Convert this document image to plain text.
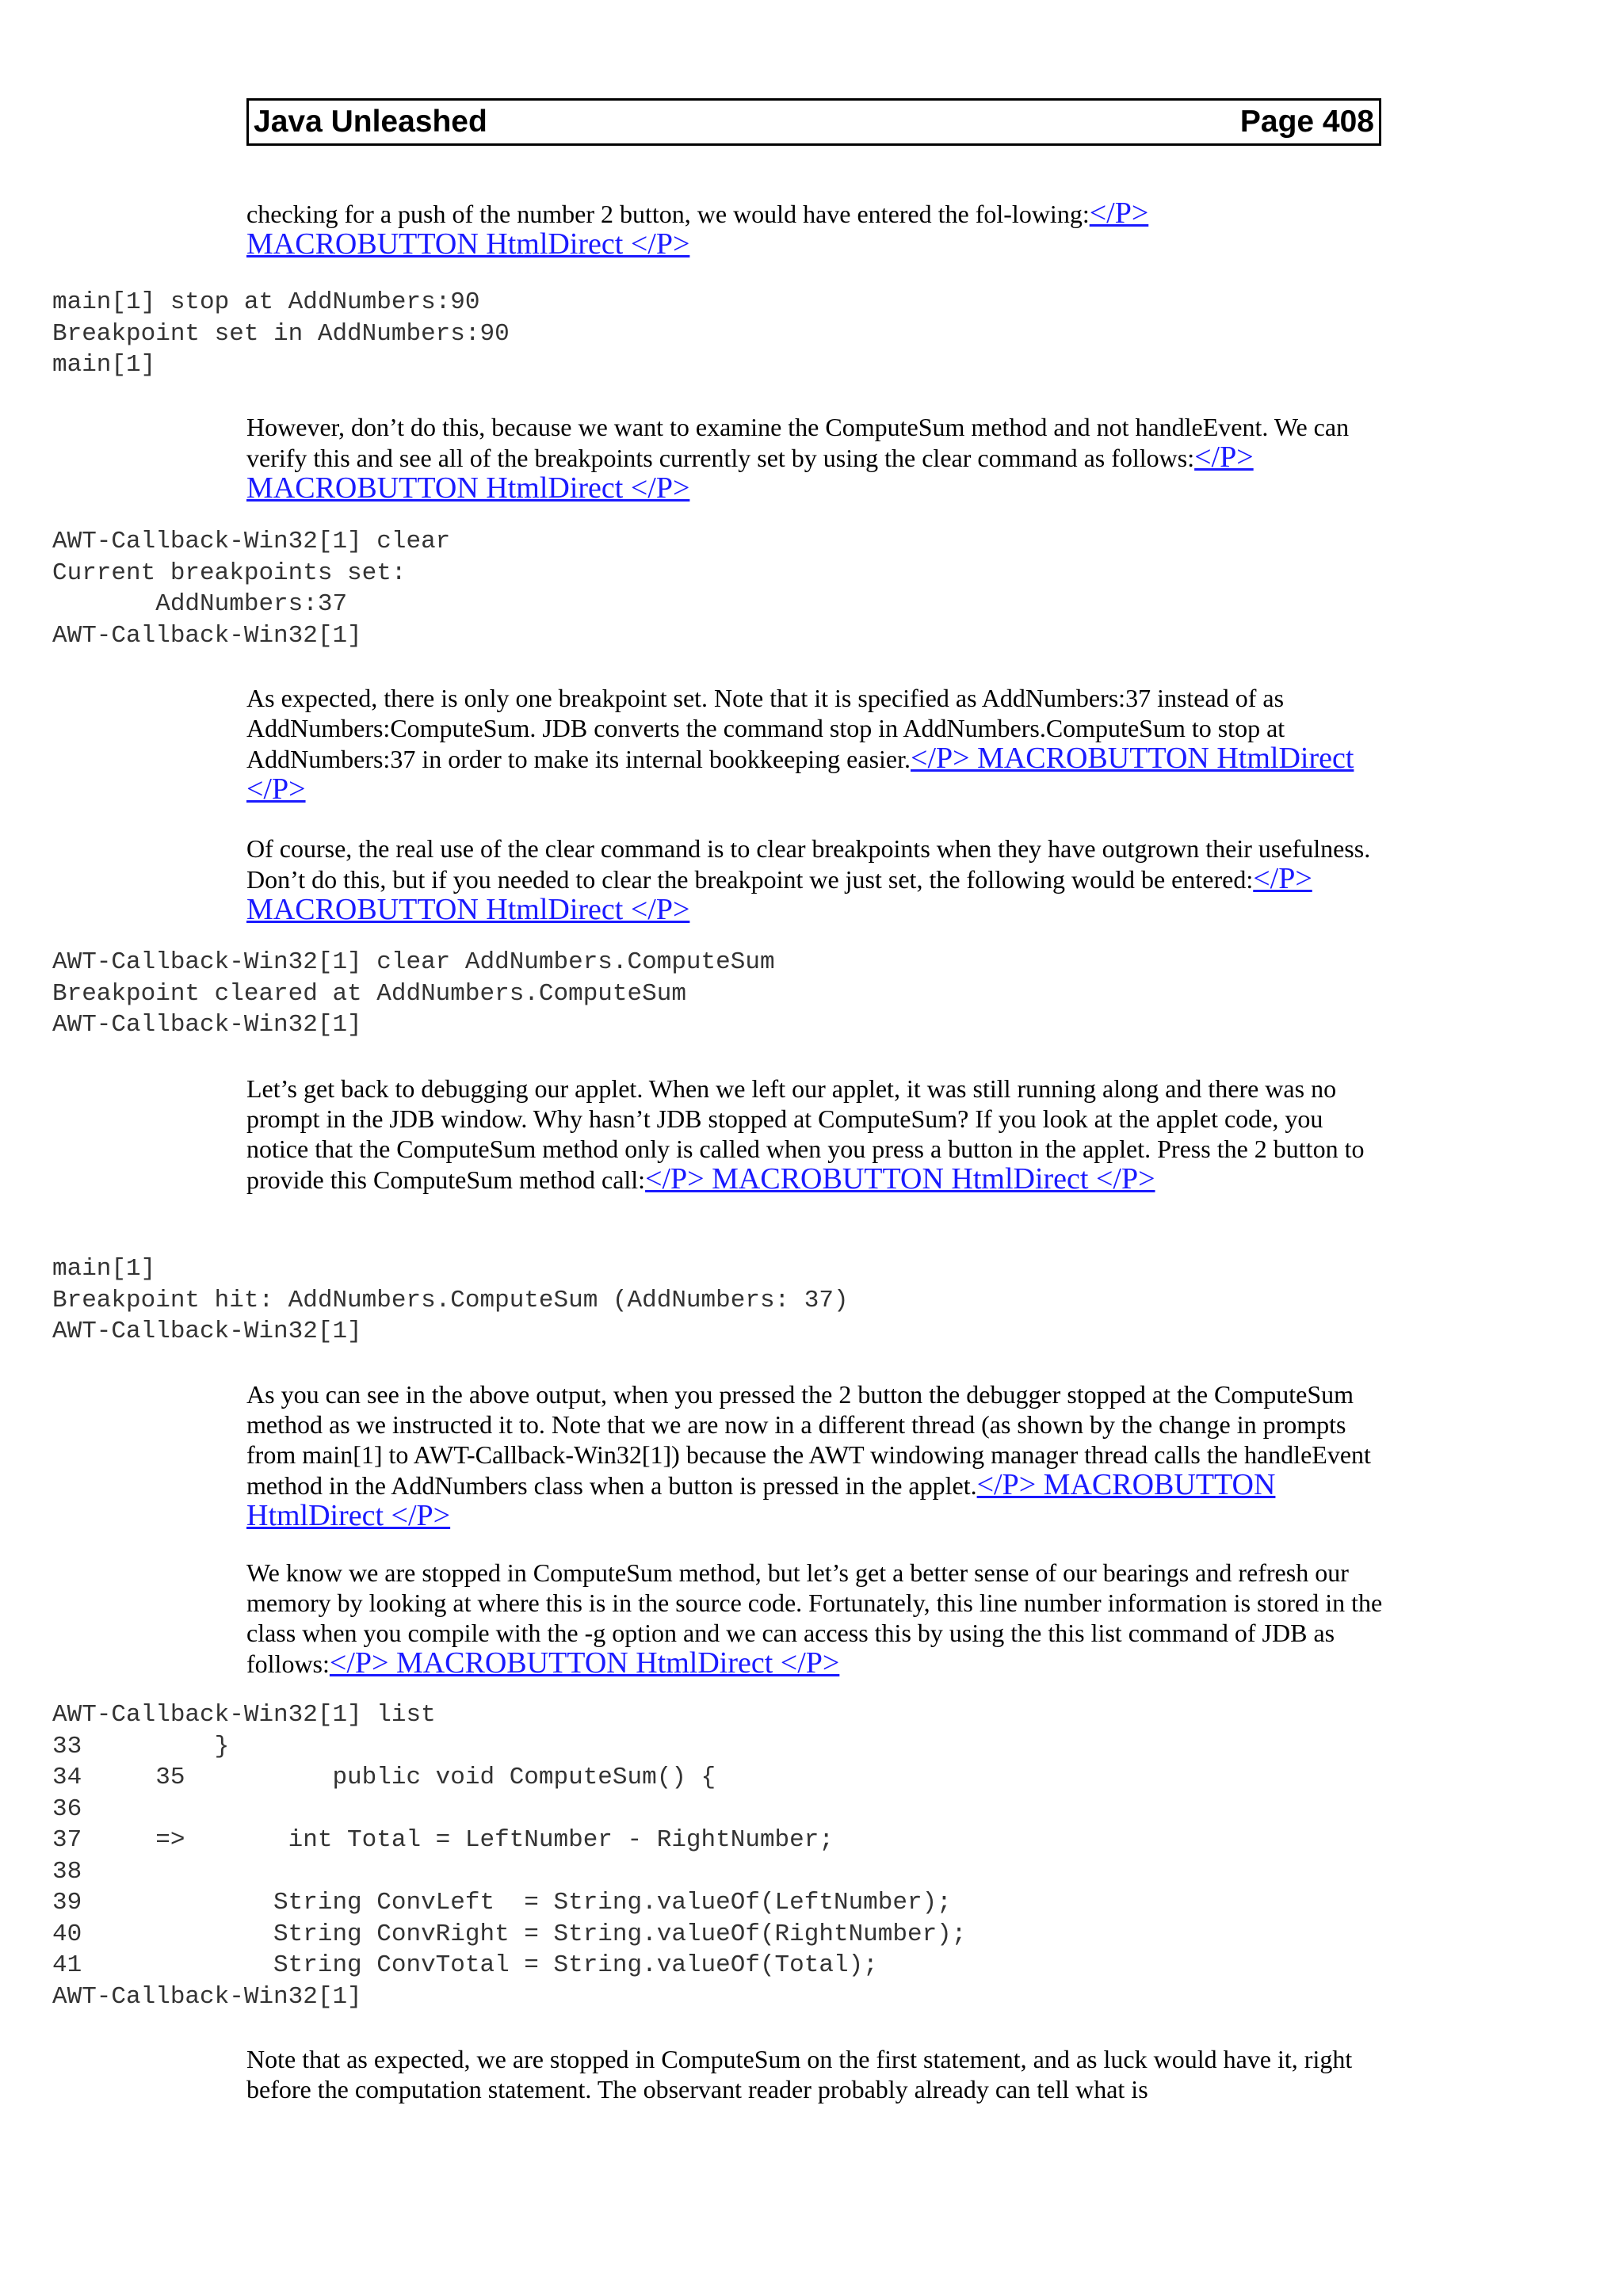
Java Unleashed	Page 408

checking for a push of the number 2 button, we would have entered the fol-lowing:</P> MACROBUTTON HtmlDirect </P>

main[1] stop at AddNumbers:90
Breakpoint set in AddNumbers:90
main[1]

However, don’t do this, because we want to examine the ComputeSum method and not handleEvent. We can verify this and see all of the breakpoints currently set by using the clear command as follows:</P> MACROBUTTON HtmlDirect </P>

AWT-Callback-Win32[1] clear
Current breakpoints set:
AddNumbers:37
AWT-Callback-Win32[1]

As expected, there is only one breakpoint set. Note that it is specified as AddNumbers:37 instead of as AddNumbers:ComputeSum. JDB converts the command stop in AddNumbers.ComputeSum to stop at AddNumbers:37 in order to make its internal bookkeeping easier.</P> MACROBUTTON HtmlDirect </P>

Of course, the real use of the clear command is to clear breakpoints when they have outgrown their usefulness. Don’t do this, but if you needed to clear the breakpoint we just set, the following would be entered:</P> MACROBUTTON HtmlDirect </P>

AWT-Callback-Win32[1] clear AddNumbers.ComputeSum
Breakpoint cleared at AddNumbers.ComputeSum
AWT-Callback-Win32[1]

Let’s get back to debugging our applet. When we left our applet, it was still running along and there was no prompt in the JDB window. Why hasn’t JDB stopped at ComputeSum? If you look at the applet code, you notice that the ComputeSum method only is called when you press a button in the applet. Press the 2 button to provide this ComputeSum method call:</P> MACROBUTTON HtmlDirect </P>

main[1]
Breakpoint hit: AddNumbers.ComputeSum (AddNumbers: 37)
AWT-Callback-Win32[1]

As you can see in the above output, when you pressed the 2 button the debugger stopped at the ComputeSum method as we instructed it to. Note that we are now in a different thread (as shown by the change in prompts from main[1] to AWT-Callback-Win32[1]) because the AWT windowing manager thread calls the handleEvent method in the AddNumbers class when a button is pressed in the applet.</P> MACROBUTTON HtmlDirect </P>

We know we are stopped in ComputeSum method, but let’s get a better sense of our bearings and refresh our memory by looking at where this is in the source code. Fortunately, this line number information is stored in the class when you compile with the -g option and we can access this by using the this list command of JDB as follows:</P> MACROBUTTON HtmlDirect </P>

AWT-Callback-Win32[1] list
33         }
34     35          public void ComputeSum() {
36
37     =>       int Total = LeftNumber - RightNumber;
38
39             String ConvLeft  = String.valueOf(LeftNumber);
40             String ConvRight = String.valueOf(RightNumber);
41             String ConvTotal = String.valueOf(Total);
AWT-Callback-Win32[1]

Note that as expected, we are stopped in ComputeSum on the first statement, and as luck would have it, right before the computation statement. The observant reader probably already can tell what is
